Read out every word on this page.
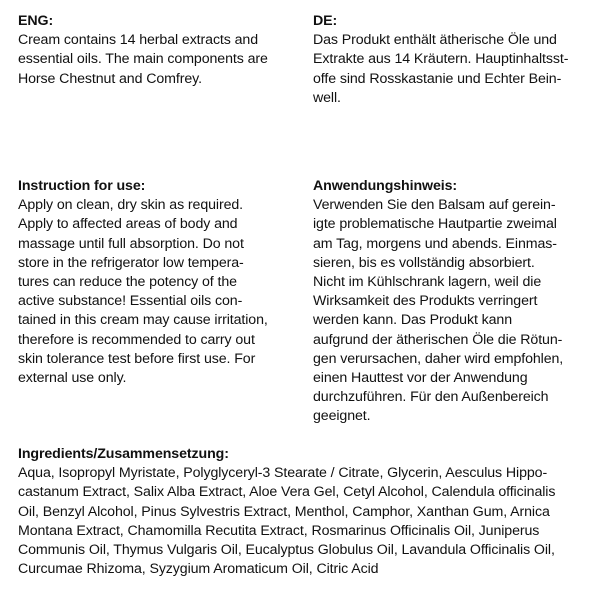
ENG:
Cream contains 14 herbal extracts and
essential oils. The main components are
Horse Chestnut and Comfrey.
DE:
Das Produkt enthält ätherische Öle und
Extrakte aus 14 Kräutern. Hauptinhaltsst-
offe sind Rosskastanie und Echter Bein-
well.
Instruction for use:
Apply on clean, dry skin as required.
Apply to affected areas of body and
massage until full absorption. Do not
store in the refrigerator low tempera-
tures can reduce the potency of the
active substance! Essential oils con-
tained in this cream may cause irritation,
therefore is recommended to carry out
skin tolerance test before first use. For
external use only.
Anwendungshinweis:
Verwenden Sie den Balsam auf gerein-
igte problematische Hautpartie zweimal
am Tag, morgens und abends. Einmas-
sieren, bis es vollständig absorbiert.
Nicht im Kühlschrank lagern, weil die
Wirksamkeit des Produkts verringert
werden kann. Das Produkt kann
aufgrund der ätherischen Öle die Rötun-
gen verursachen, daher wird empfohlen,
einen Hauttest vor der Anwendung
durchzuführen. Für den Außenbereich
geeignet.
Ingredients/Zusammensetzung:
Aqua, Isopropyl Myristate, Polyglyceryl-3 Stearate / Citrate, Glycerin, Aesculus Hippo-
castanum Extract, Salix Alba Extract, Aloe Vera Gel, Cetyl Alcohol, Calendula officinalis
Oil, Benzyl Alcohol, Pinus Sylvestris Extract, Menthol, Camphor, Xanthan Gum, Arnica
Montana Extract, Chamomilla Recutita Extract, Rosmarinus Officinalis Oil, Juniperus
Communis Oil, Thymus Vulgaris Oil, Eucalyptus Globulus Oil, Lavandula Officinalis Oil,
Curcumae Rhizoma, Syzygium Aromaticum Oil, Citric Acid
